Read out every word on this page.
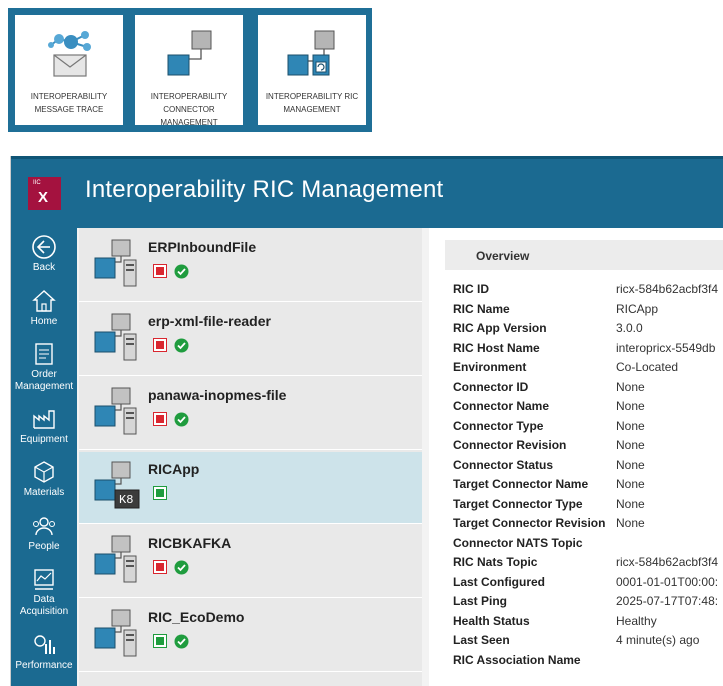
INTEROPERABILITY MESSAGE TRACE
INTEROPERABILITY CONNECTOR MANAGEMENT
INTEROPERABILITY RIC MANAGEMENT
IIC
X Interoperability RIC Management
Back
Home
Order Management
Equipment
Materials
People
Data Acquisition
Performance
ERPInboundFile
erp-xml-file-reader
panawa-inopmes-file
K8
RICApp
RICBKAFKA
RIC_EcoDemo
Overview
RIC ID	ricx-584b62acbf3f4
RIC Name	RICApp
RIC App Version	3.0.0
RIC Host Name	interopricx-5549db
Environment	Co-Located
Connector ID	None
Connector Name	None
Connector Type	None
Connector Revision	None
Connector Status	None
Target Connector Name None
Target Connector Type	None
Target Connector Revision None
Connector NATS Topic
RIC Nats Topic	ricx-584b62acbf3f4
Last Configured	0001-01-01T00:00:
Last Ping	2025-07-17T07:48:
Health Status	Healthy
Last Seen	4 minute(s) ago
RIC Association Name
